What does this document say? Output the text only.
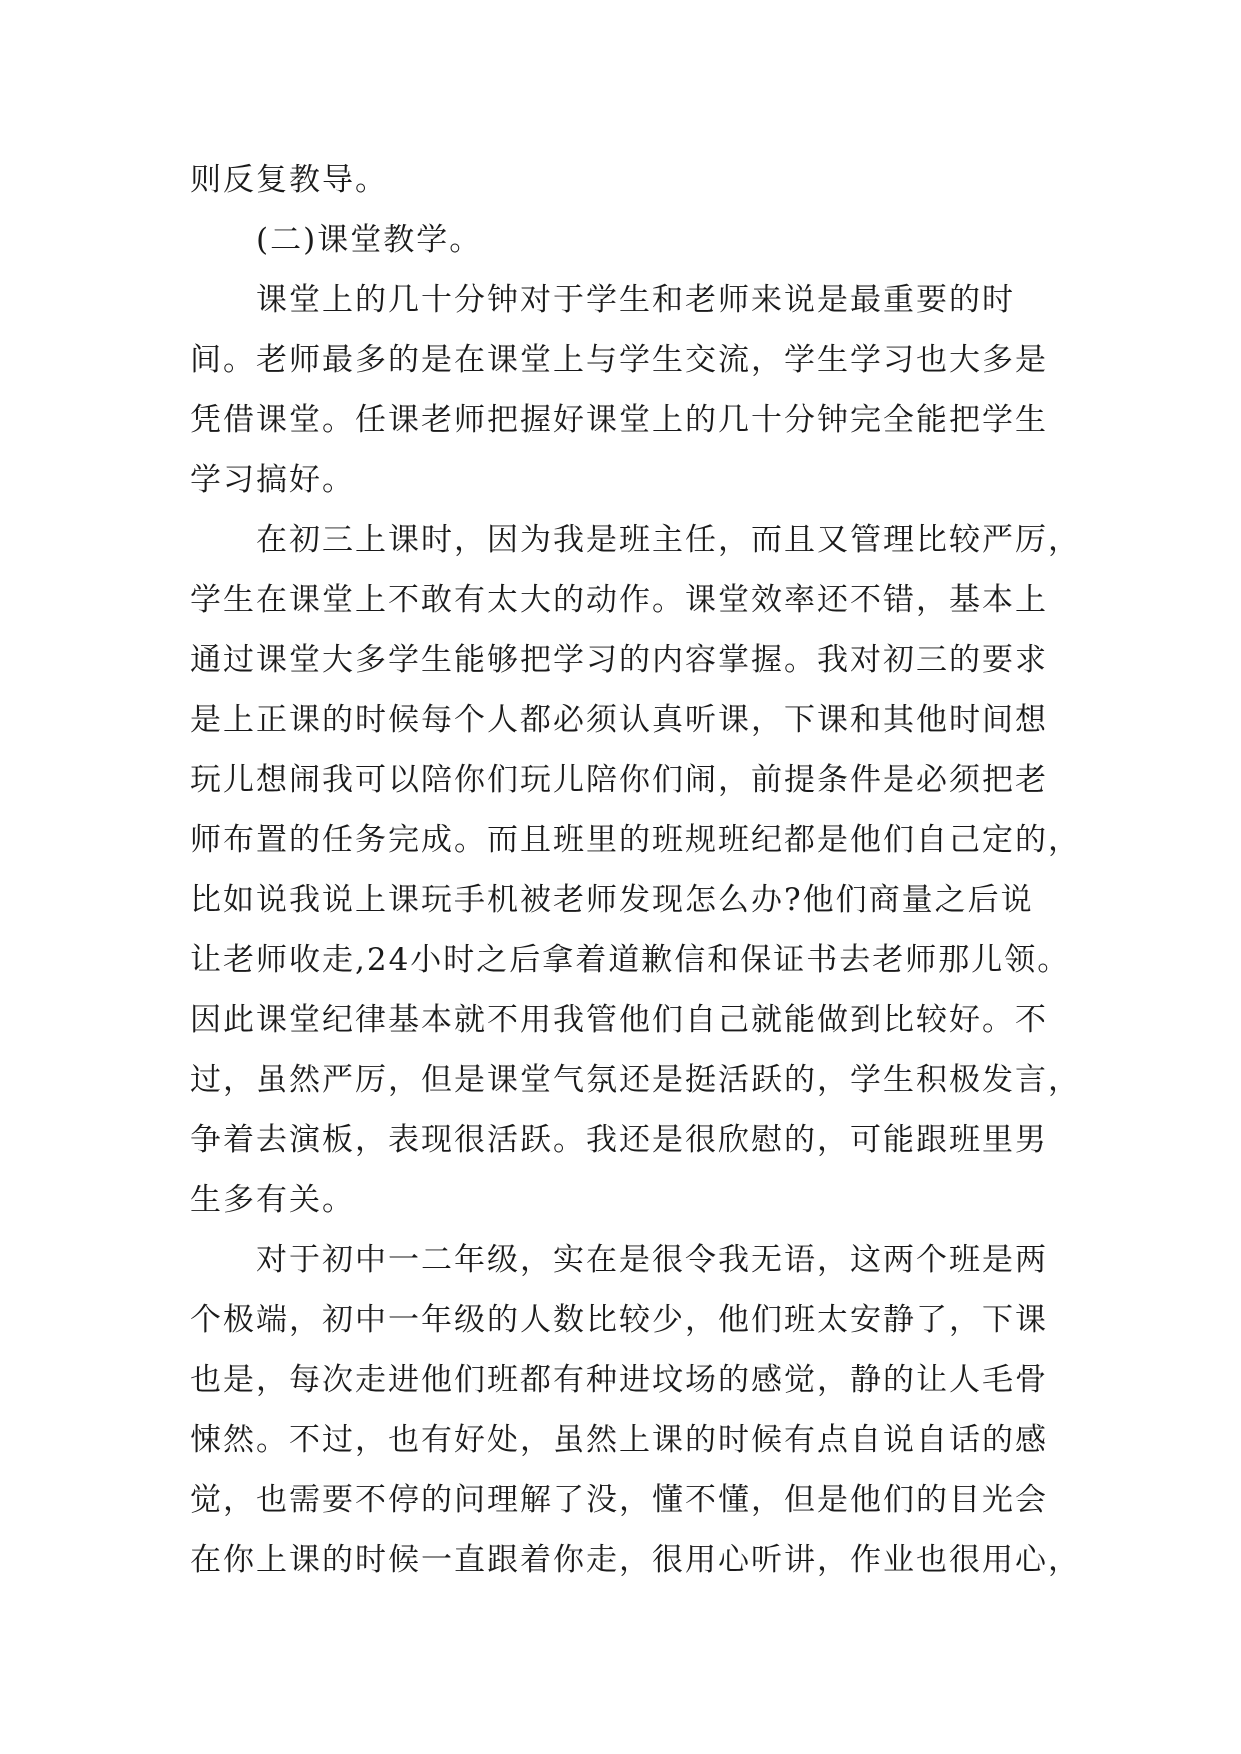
则反复教导。

(二)课堂教学。

课堂上的几十分钟对于学生和老师来说是最重要的时
间。老师最多的是在课堂上与学生交流，学生学习也大多是
凭借课堂。任课老师把握好课堂上的几十分钟完全能把学生
学习搞好。

在初三上课时，因为我是班主任，而且又管理比较严厉，
学生在课堂上不敢有太大的动作。课堂效率还不错，基本上
通过课堂大多学生能够把学习的内容掌握。我对初三的要求
是上正课的时候每个人都必须认真听课，下课和其他时间想
玩儿想闹我可以陪你们玩儿陪你们闹，前提条件是必须把老
师布置的任务完成。而且班里的班规班纪都是他们自己定的，
比如说我说上课玩手机被老师发现怎么办?他们商量之后说
让老师收走,24小时之后拿着道歉信和保证书去老师那儿领。
因此课堂纪律基本就不用我管他们自己就能做到比较好。不
过，虽然严厉，但是课堂气氛还是挺活跃的，学生积极发言，
争着去演板，表现很活跃。我还是很欣慰的，可能跟班里男
生多有关。

对于初中一二年级，实在是很令我无语，这两个班是两
个极端，初中一年级的人数比较少，他们班太安静了，下课
也是，每次走进他们班都有种进坟场的感觉，静的让人毛骨
悚然。不过，也有好处，虽然上课的时候有点自说自话的感
觉，也需要不停的问理解了没，懂不懂，但是他们的目光会
在你上课的时候一直跟着你走，很用心听讲，作业也很用心，
